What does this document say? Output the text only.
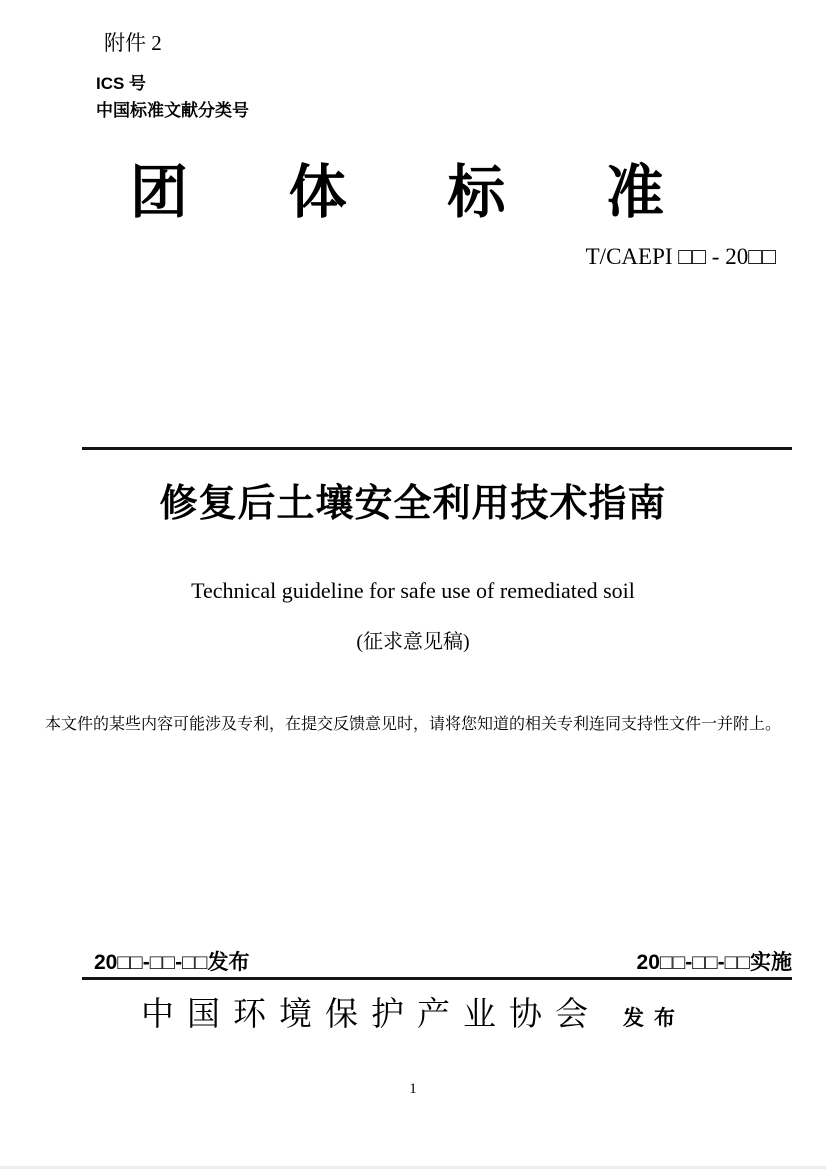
附件 2
ICS 号
中国标准文献分类号
团 体 标 准
T/CAEPI □□ - 20□□
修复后土壤安全利用技术指南
Technical guideline for safe use of remediated soil
(征求意见稿)
本文件的某些内容可能涉及专利，在提交反馈意见时，请将您知道的相关专利连同支持性文件一并附上。
20□□-□□-□□发布	20□□-□□-□□实施
中国环境保护产业协会 发布
1
